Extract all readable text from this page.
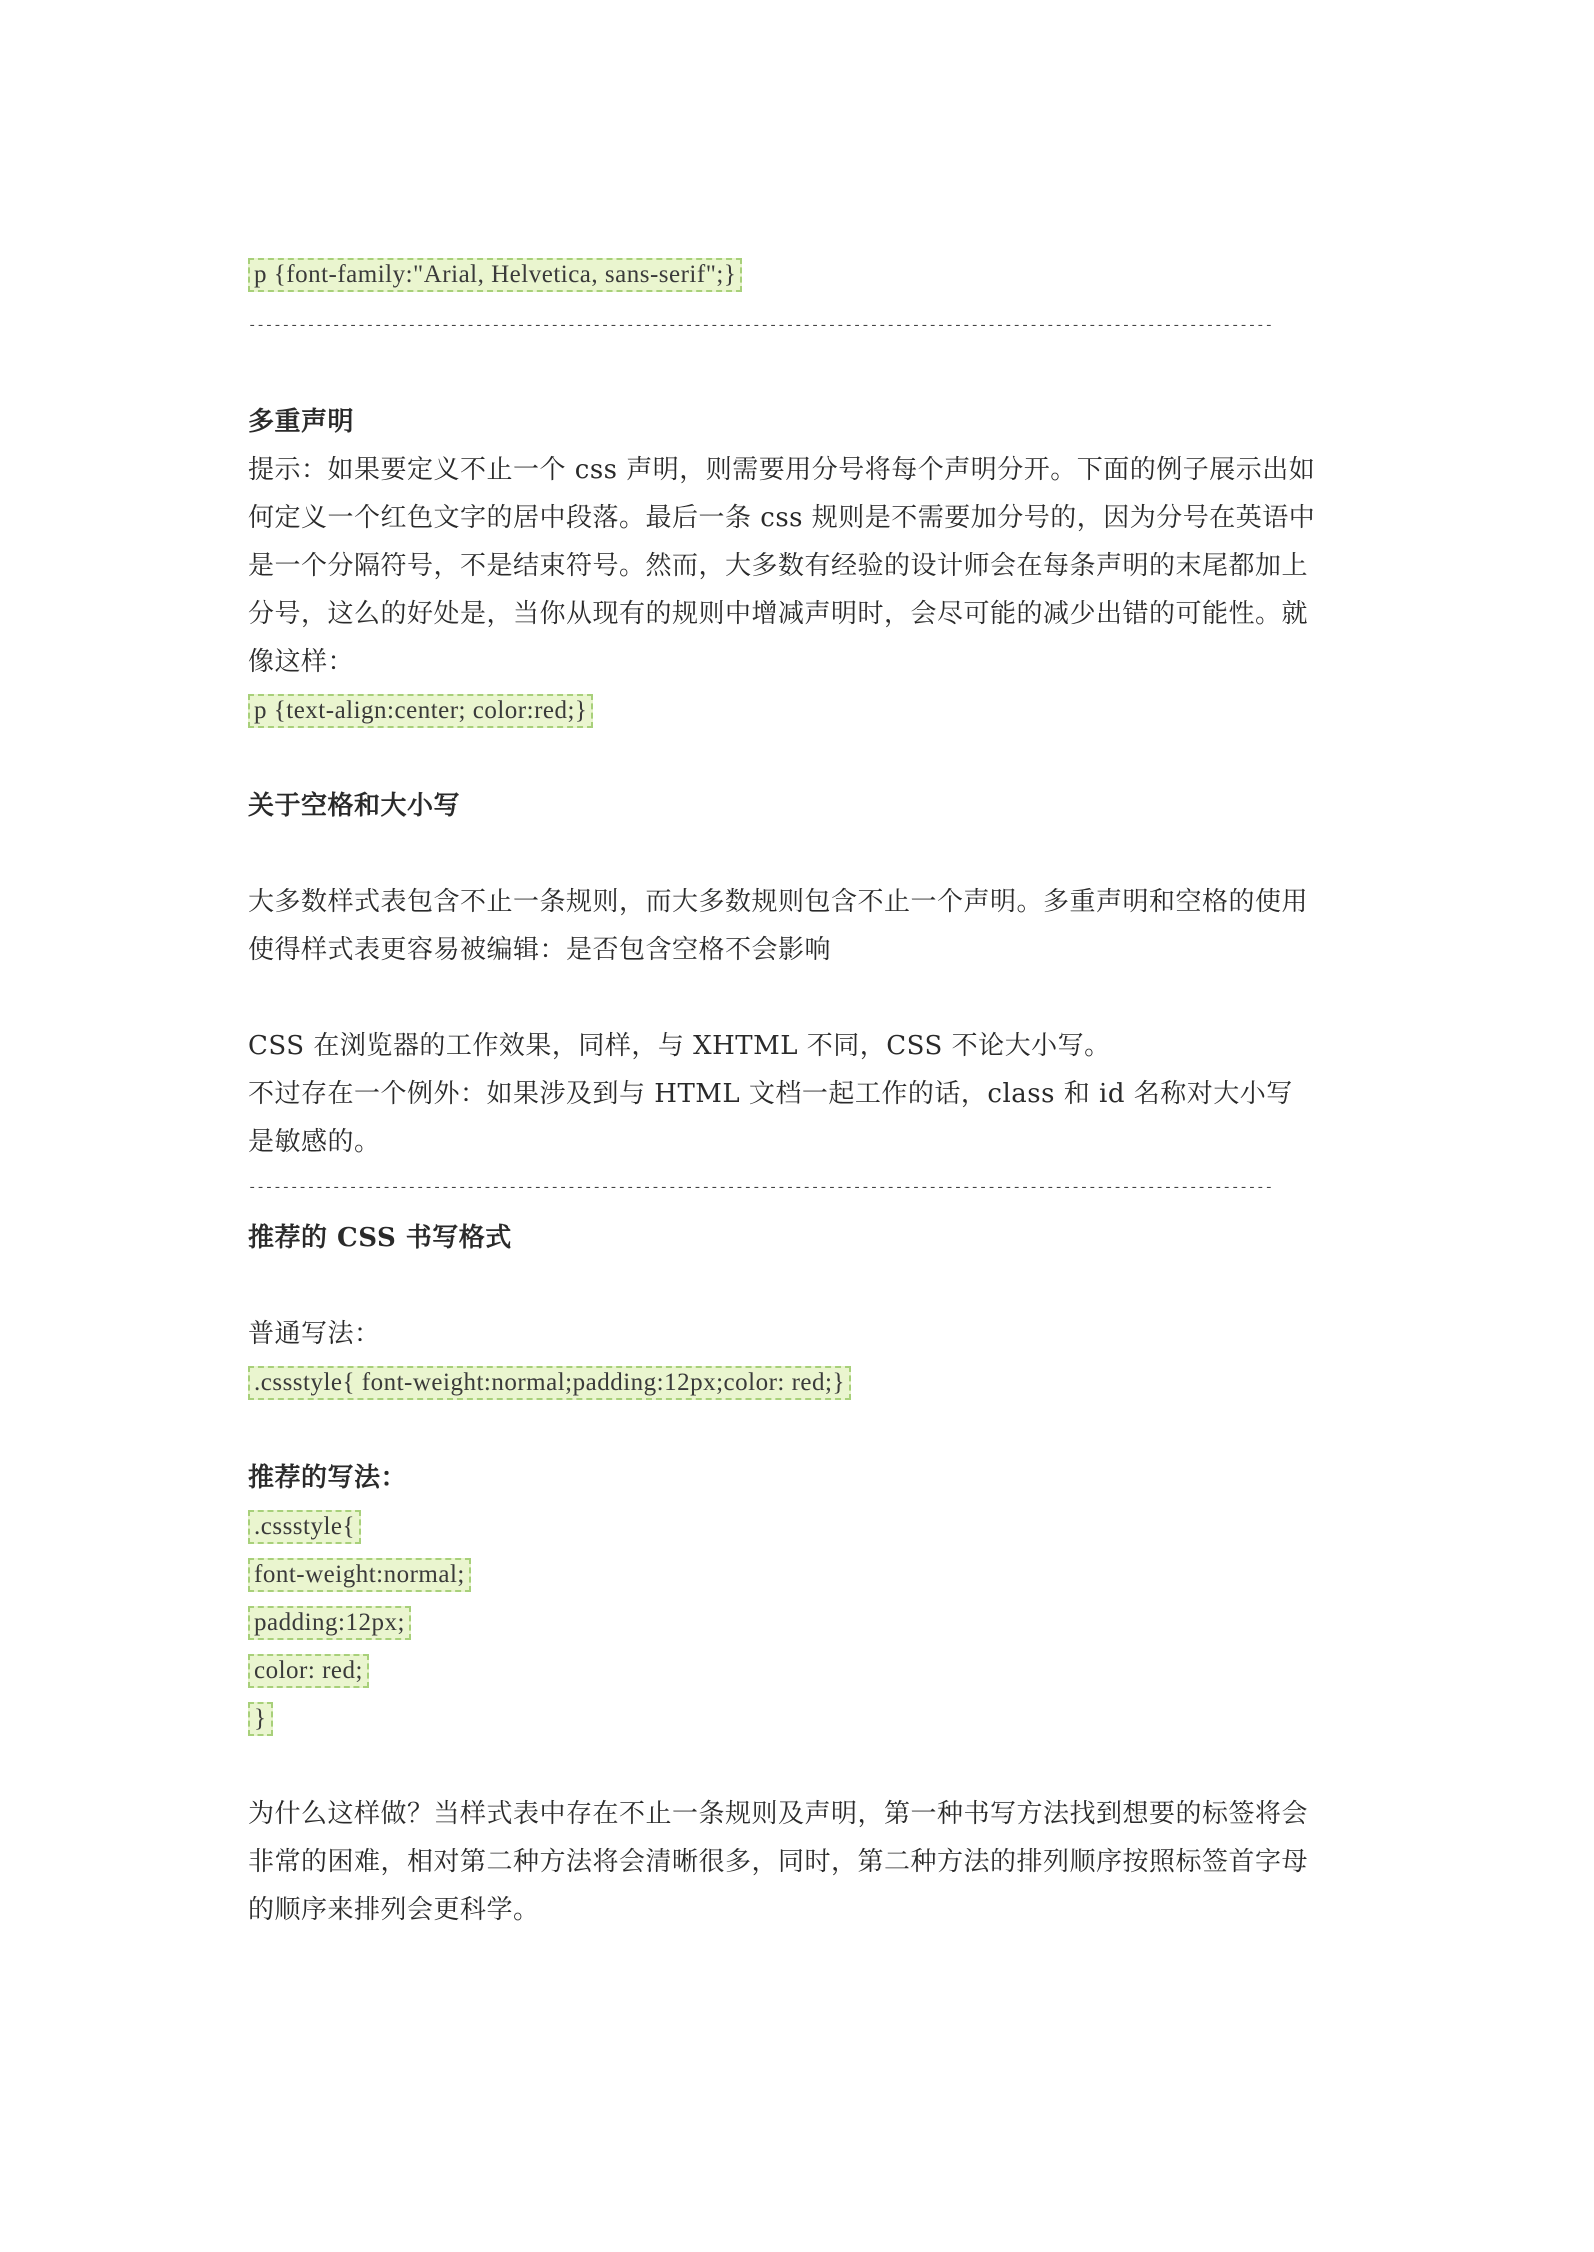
p {font-family:"Arial, Helvetica, sans-serif";}
--------------------------------------------------------------------------------------------------------------------------
多重声明
提示：如果要定义不止一个 css 声明，则需要用分号将每个声明分开。下面的例子展示出如
何定义一个红色文字的居中段落。最后一条 css 规则是不需要加分号的，因为分号在英语中
是一个分隔符号，不是结束符号。然而，大多数有经验的设计师会在每条声明的末尾都加上
分号，这么的好处是，当你从现有的规则中增减声明时，会尽可能的减少出错的可能性。就
像这样：
p {text-align:center; color:red;}
关于空格和大小写
大多数样式表包含不止一条规则，而大多数规则包含不止一个声明。多重声明和空格的使用
使得样式表更容易被编辑：是否包含空格不会影响
CSS 在浏览器的工作效果，同样，与 XHTML 不同，CSS 不论大小写。
不过存在一个例外：如果涉及到与 HTML 文档一起工作的话，class 和 id 名称对大小写
是敏感的。
--------------------------------------------------------------------------------------------------------------------------
推荐的 CSS 书写格式
普通写法：
.cssstyle{ font-weight:normal;padding:12px;color: red;}
推荐的写法：
.cssstyle{
font-weight:normal;
padding:12px;
color: red;
}
为什么这样做？当样式表中存在不止一条规则及声明，第一种书写方法找到想要的标签将会
非常的困难，相对第二种方法将会清晰很多，同时，第二种方法的排列顺序按照标签首字母
的顺序来排列会更科学。
